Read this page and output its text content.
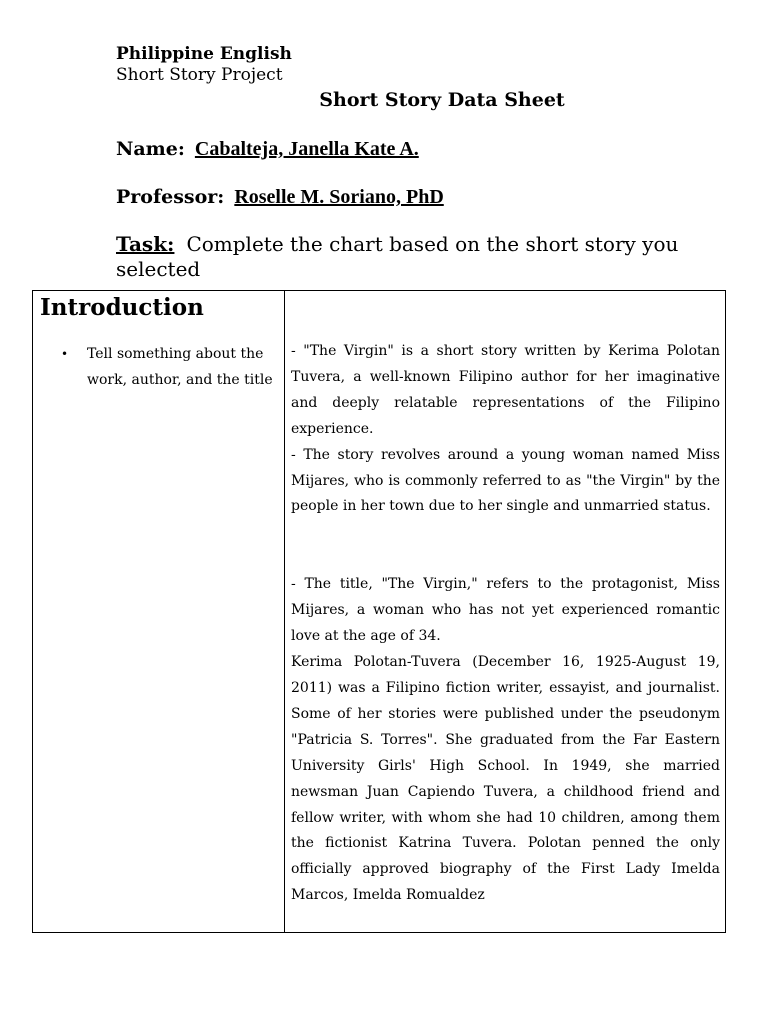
Philippine English
Short Story Project
Short Story Data Sheet
Name: Cabalteja, Janella Kate A.
Professor: Roselle M. Soriano, PhD
Task: Complete the chart based on the short story you selected
Introduction
• Tell something about the work, author, and the title

- "The Virgin" is a short story written by Kerima Polotan Tuvera, a well-known Filipino author for her imaginative and deeply relatable representations of the Filipino experience.

- The story revolves around a young woman named Miss Mijares, who is commonly referred to as "the Virgin" by the people in her town due to her single and unmarried status.

- The title, "The Virgin," refers to the protagonist, Miss Mijares, a woman who has not yet experienced romantic love at the age of 34.

Kerima Polotan-Tuvera (December 16, 1925-August 19, 2011) was a Filipino fiction writer, essayist, and journalist. Some of her stories were published under the pseudonym "Patricia S. Torres". She graduated from the Far Eastern University Girls' High School. In 1949, she married newsman Juan Capiendo Tuvera, a childhood friend and fellow writer, with whom she had 10 children, among them the fictionist Katrina Tuvera. Polotan penned the only officially approved biography of the First Lady Imelda Marcos, Imelda Romualdez
